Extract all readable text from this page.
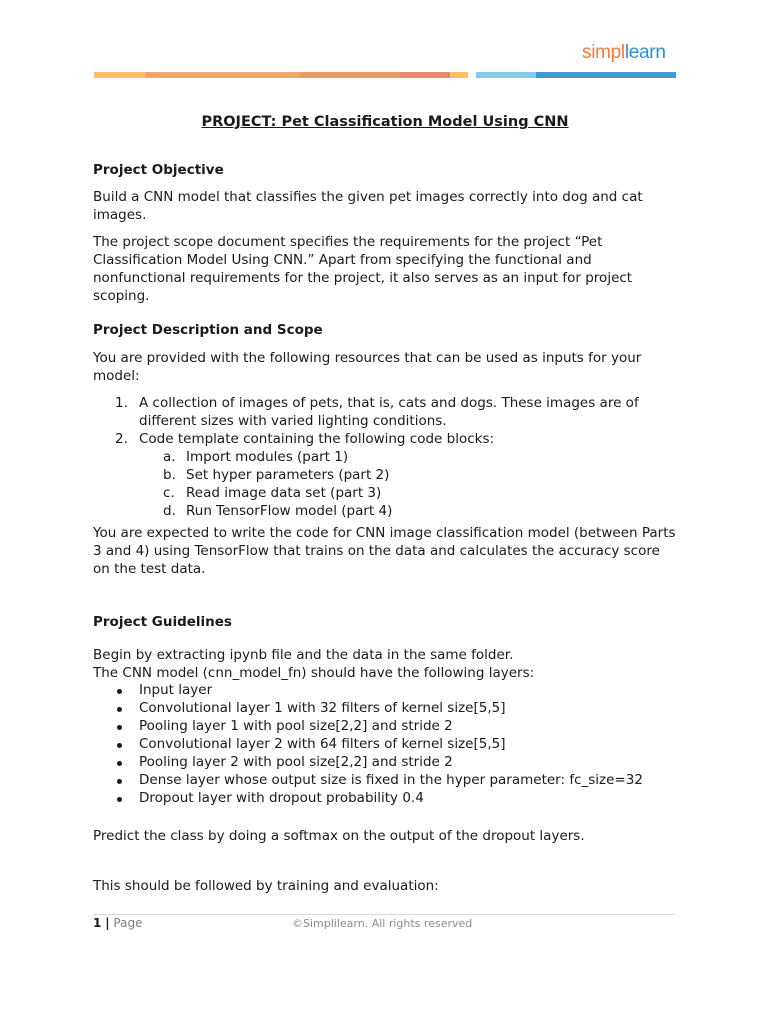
simpllearn
PROJECT: Pet Classification Model Using CNN
Project Objective

Build a CNN model that classifies the given pet images correctly into dog and cat images.

The project scope document specifies the requirements for the project “Pet Classification Model Using CNN.” Apart from specifying the functional and nonfunctional requirements for the project, it also serves as an input for project scoping.

Project Description and Scope

You are provided with the following resources that can be used as inputs for your model:

1. A collection of images of pets, that is, cats and dogs. These images are of different sizes with varied lighting conditions.
2. Code template containing the following code blocks:
a. Import modules (part 1)
b. Set hyper parameters (part 2)
c. Read image data set (part 3)
d. Run TensorFlow model (part 4)

You are expected to write the code for CNN image classification model (between Parts 3 and 4) using TensorFlow that trains on the data and calculates the accuracy score on the test data.

Project Guidelines

Begin by extracting ipynb file and the data in the same folder.

The CNN model (cnn_model_fn) should have the following layers:

Input layer
Convolutional layer 1 with 32 filters of kernel size[5,5]
Pooling layer 1 with pool size[2,2] and stride 2
Convolutional layer 2 with 64 filters of kernel size[5,5]
Pooling layer 2 with pool size[2,2] and stride 2
Dense layer whose output size is fixed in the hyper parameter: fc_size=32
Dropout layer with dropout probability 0.4

Predict the class by doing a softmax on the output of the dropout layers.

This should be followed by training and evaluation:

1 | Page	©Simplilearn. All rights reserved
